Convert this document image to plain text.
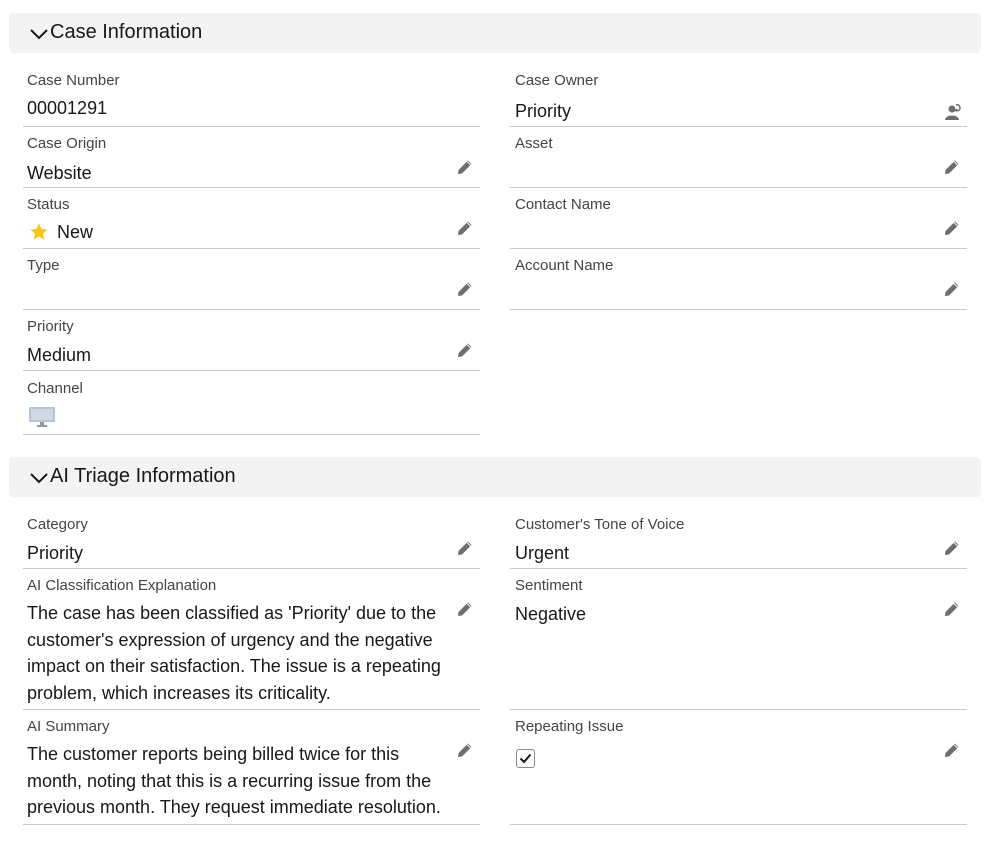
Case Information
Case Number
00001291
Case Owner
Priority
Case Origin
Website
Asset
Status
New
Contact Name
Type	Account Name
Priority
Medium
Channel
AI Triage Information
Category
Priority
Customer's Tone of Voice
Urgent
AI Classification Explanation
The case has been classified as 'Priority' due to the customer's expression of urgency and the negative impact on their satisfaction. The issue is a repeating problem, which increases its criticality.
Sentiment
Negative
AI Summary
The customer reports being billed twice for this month, noting that this is a recurring issue from the previous month. They request immediate resolution.
Repeating Issue
